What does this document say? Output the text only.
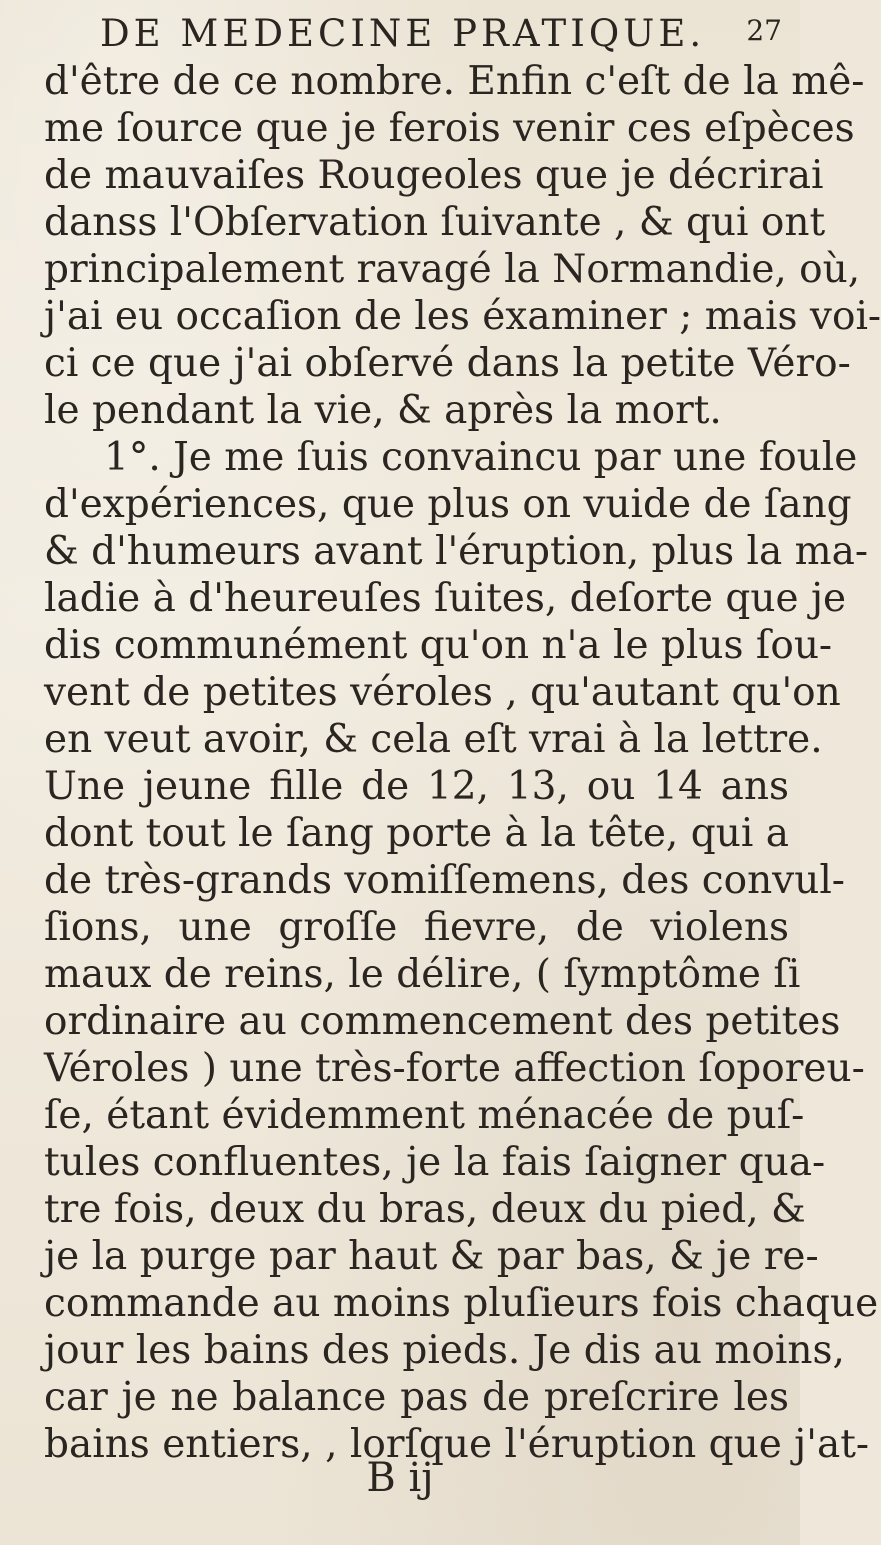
DE MEDECINE PRATIQUE. 27
d'être de ce nombre. Enfin c'eſt de la mê-
me ſource que je ferois venir ces eſpèces
de mauvaiſes Rougeoles que je décrirai
danss l'Obſervation ſuivante , & qui ont
principalement ravagé la Normandie, où,
j'ai eu occaſion de les éxaminer ; mais voi-
ci ce que j'ai obſervé dans la petite Véro-
le pendant la vie, & après la mort.
1°. Je me ſuis convaincu par une foule
d'expériences, que plus on vuide de ſang
& d'humeurs avant l'éruption, plus la ma-
ladie à d'heureuſes ſuites, deſorte que je
dis communément qu'on n'a le plus ſou-
vent de petites véroles , qu'autant qu'on
en veut avoir, & cela eſt vrai à la lettre.
Une jeune fille de 12, 13, ou 14 ans
dont tout le ſang porte à la tête, qui a
de très-grands vomiſſemens, des convul-
ſions, une groſſe fievre, de violens
maux de reins, le délire, ( ſymptôme ſi
ordinaire au commencement des petites
Véroles ) une très-forte affection ſoporeu-
ſe, étant évidemment ménacée de puſ-
tules confluentes, je la fais ſaigner qua-
tre fois, deux du bras, deux du pied, &
je la purge par haut & par bas, & je re-
commande au moins pluſieurs fois chaque
jour les bains des pieds. Je dis au moins,
car je ne balance pas de preſcrire les
bains entiers, , lorſque l'éruption que j'at-
B ij
